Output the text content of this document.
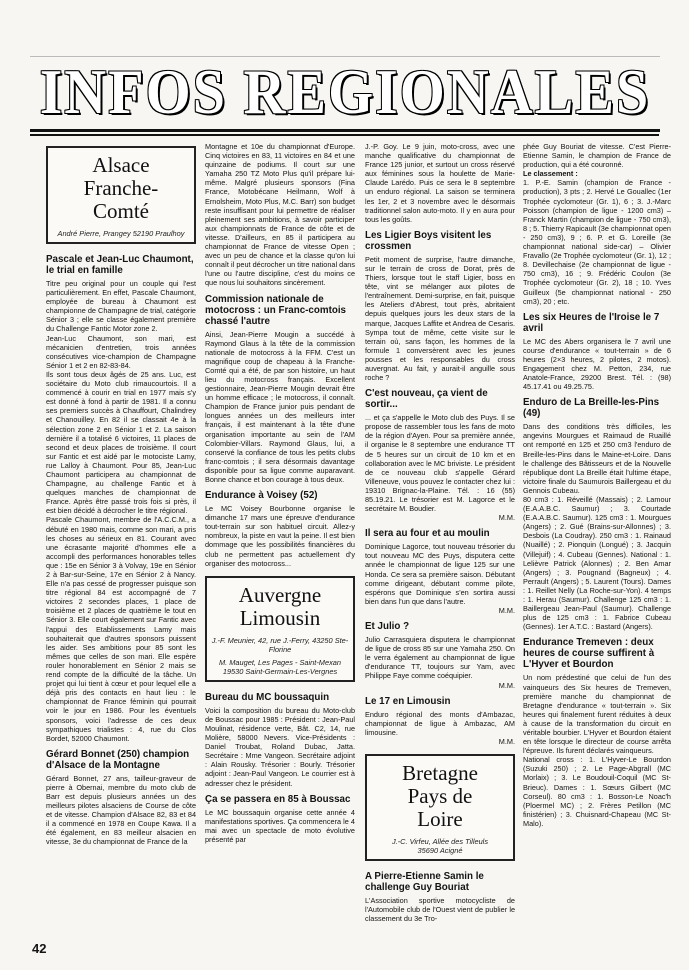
INFOS REGIONALES
Alsace
Franche-
Comté
André Pierre, Prangey 52190 Praulhoy
Pascale et Jean-Luc Chaumont, le trial en famille

Titre peu original pour un couple qui l'est particulièrement. En effet, Pascale Chaumont, employée de bureau à Chaumont est championne de Champagne de trial, catégorie Sénior 3 ; elle se classe également première du Challenge Fantic Motor zone 2.

Jean-Luc Chaumont, son mari, est mécanicien d'entretien, trois années consécutives vice-champion de Champagne Sénior 1 et 2 en 82-83-84.

Ils sont tous deux âgés de 25 ans. Luc, est sociétaire du Moto club rimaucourtois. Il a commencé à courir en trial en 1977 mais s'y est donné à fond à partir de 1981. Il a connu ses premiers succès à Chauffourt, Chalindrey et Chanouilley. En 82 il se classait 4e à la sélection zone 2 en Sénior 1 et 2. La saison dernière il a totalisé 6 victoires, 11 places de second et deux places de troisième. Il court sur Fantic et est aidé par le motociste Lamy, rue Lalloy à Chaumont. Pour 85, Jean-Luc Chaumont participera au championnat de Champagne, au challenge Fantic et à quelques manches de championnat de France. Après être passé trois fois si près, il est bien décidé à décrocher le titre régional.

Pascale Chaumont, membre de l'A.C.C.M., a débuté en 1980 mais, comme son mari, a pris les choses au sérieux en 81. Courant avec une écrasante majorité d'hommes elle a accompli des performances honorables telles que : 15e en Sénior 3 à Volvay, 19e en Sénior 2 à Bar-sur-Seine, 17e en Sénior 2 à Nancy. Elle n'a pas cessé de progresser puisque son titre régional 84 est accompagné de 7 victoires 2 secondes places, 1 place de troisième et 2 places de quatrième le tout en Sénior 3. Elle court également sur Fantic avec l'appui des Etablissements Lamy mais souhaiterait que d'autres sponsors puissent les aider. Ses ambitions pour 85 sont les mêmes que celles de son mari. Elle espère rouler honorablement en Sénior 2 mais se rend compte de la difficulté de la tâche. Un projet qui lui tient à cœur et pour lequel elle a déjà pris des contacts en haut lieu : le championnat de France féminin qui pourrait voir le jour en 1986. Pour les éventuels sponsors, voici l'adresse de ces deux sympathiques trialistes : 4, rue du Clos Bordet, 52000 Chaumont.

Gérard Bonnet (250) champion d'Alsace de la Montagne

Gérard Bonnet, 27 ans, tailleur-graveur de pierre à Obernai, membre du moto club de Barr est depuis plusieurs années un des meilleurs pilotes alsaciens de Course de côte et de vitesse. Champion d'Alsace 82, 83 et 84 il a commencé en 1978 en Coupe Kawa. Il a été également, en 83 meilleur alsacien en vitesse, 3e du championnat de France de la

Montagne et 10e du championnat d'Europe. Cinq victoires en 83, 11 victoires en 84 et une quinzaine de podiums. Il court sur une Yamaha 250 TZ Moto Plus qu'il prépare lui-même. Malgré plusieurs sponsors (Fina France, Motobécane Heilmann, Wolf à Ernolsheim, Moto Plus, M.C. Barr) son budget reste insuffisant pour lui permettre de réaliser pleinement ses ambitions, à savoir participer aux championnats de France de côte et de vitesse. D'ailleurs, en 85 il participera au championnat de France de vitesse Open ; avec un peu de chance et la classe qu'on lui connaît il peut décrocher un titre national dans l'une ou l'autre discipline, c'est du moins ce que nous lui souhaitons sincèrement.

Commission nationale de motocross : un Franc-comtois chassé l'autre

Ainsi, Jean-Pierre Mougin a succédé à Raymond Glaus à la tête de la commission nationale de motocross à la FFM. C'est un magnifique coup de chapeau à la Franche-Comté qui a été, de par son histoire, un haut lieu du motocross français. Excellent gestionnaire, Jean-Pierre Mougin devrait être un homme efficace ; le motocross, il connaît. Champion de France junior puis pendant de longues années un des meilleurs inter français, il est maintenant à la tête d'une organisation importante au sein de l'AM Colombier-Villars. Raymond Glaus, lui, a conservé la confiance de tous les petits clubs franc-comtois ; il sera désormais davantage disponible pour sa ligue comme auparavant. Bonne chance et bon courage à tous deux.

Endurance à Voisey (52)

Le MC Voisey Bourbonne organise le dimanche 17 mars une épreuve d'endurance tout-terrain sur son habituel circuit. Allez-y nombreux, la piste en vaut la peine. Il est bien dommage que les possibilités financières du club ne permettent pas actuellement d'y organiser des motocross...

Auvergne
Limousin
J.-F. Meunier, 42, rue J.-Ferry, 43250 Ste-Florine
M. Mauget, Les Pages - Saint-Mexan 19530 Saint-Germain-Les-Vergnes
Bureau du MC boussaquin

Voici la composition du bureau du Moto-club de Boussac pour 1985 : Président : Jean-Paul Moulinat, résidence verte, Bât. C2, 14, rue Molière, 58000 Nevers. Vice-Présidents : Daniel Troubat, Roland Dubac, Jatta. Secrétaire : Mme Vangeon. Secrétaire adjoint : Alain Rousky. Trésorier : Bourly. Trésorier adjoint : Jean-Paul Vangeon. Le courrier est à adresser chez le président.

Ça se passera en 85 à Boussac

Le MC boussaquin organise cette année 4 manifestations sportives. Ça commencera le 4 mai avec un spectacle de moto évolutive présenté par

J.-P. Goy. Le 9 juin, moto-cross, avec une manche qualificative du championnat de France 125 junior, et surtout un cross réservé aux féminines sous la houlette de Marie-Claude Larédo. Puis ce sera le 8 septembre un enduro régional. La saison se terminera les 1er, 2 et 3 novembre avec le désormais traditionnel salon auto-moto. Il y en aura pour tous les goûts.

Les Ligier Boys visitent les crossmen

Petit moment de surprise, l'autre dimanche, sur le terrain de cross de Dorat, près de Thiers, lorsque tout le staff Ligier, boss en tête, vint se mélanger aux pilotes de l'entraînement. Demi-surprise, en fait, puisque les Ateliers d'Abrest, tout près, abritaient depuis quelques jours les deux stars de la marque, Jacques Laffite et Andrea de Cesaris. Sympa tout de même, cette visite sur le terrain où, sans façon, les hommes de la formule 1 conversèrent avec les jeunes pousses et les responsables du cross auvergnat. Au fait, y aurait-il anguille sous roche ?

C'est nouveau, ça vient de sortir...

... et ça s'appelle le Moto club des Puys. Il se propose de rassembler tous les fans de moto de la région d'Ayen. Pour sa première année, il organise le 8 septembre une endurance TT de 5 heures sur un circuit de 10 km et en collaboration avec le MC briviste. Le président de ce nouveau club s'appelle Gérard Villeneuve, vous pouvez le contacter chez lui : 19310 Brignac-la-Plaine. Tél. : 16 (55) 85.19.21. Le trésorier est M. Lagorce et le secrétaire M. Boudier.

M.M.

Il sera au four et au moulin

Dominique Lagorce, tout nouveau trésorier du tout nouveau MC des Puys, disputera cette année le championnat de ligue 125 sur une Honda. Ce sera sa première saison. Débutant comme dirigeant, débutant comme pilote, espérons que Dominique s'en sortira aussi bien dans l'un que dans l'autre.

M.M.

Et Julio ?

Julio Carrasquiera disputera le championnat de ligue de cross 85 sur une Yamaha 250. On le verra également au championnat de ligue d'endurance TT, toujours sur Yam, avec Philippe Faye comme coéquipier.

M.M.

Le 17 en Limousin

Enduro régional des monts d'Ambazac, championnat de ligue à Ambazac, AM limousine.

M.M.

Bretagne
Pays de
Loire
J.-C. Virfeu, Allée des Tilleuls
35690 Acigné
A Pierre-Etienne Samin le challenge Guy Bouriat

L'Association sportive motocycliste de l'Automobile club de l'Ouest vient de publier le classement du 3e Tro-

phée Guy Bouriat de vitesse. C'est Pierre-Etienne Samin, le champion de France de production, qui a été couronné.

Le classement :

1. P.-E. Samin (champion de France - production), 3 pts ; 2. Hervé Le Gouallec (1er Trophée cyclomoteur (Gr. 1), 6 ; 3. J.-Marc Poisson (champion de ligue - 1200 cm3) – Franck Martin (champion de ligue - 750 cm3), 8 ; 5. Thierry Rapicault (3e championnat open - 250 cm3), 9 ; 6. P. et G. Loreille (3e championnat national side-car) – Olivier Fravallo (2e Trophée cyclomoteur (Gr. 1), 12 ; 8. Devillechaise (2e championnat de ligue - 750 cm3), 16 ; 9. Frédéric Coulon (3e Trophée cyclomoteur (Gr. 2), 18 ; 10. Yves Guilleux (5e championnat national - 250 cm3), 20 ; etc.

Les six Heures de l'Iroise le 7 avril

Le MC des Abers organisera le 7 avril une course d'endurance « tout-terrain » de 6 heures (2×3 heures, 2 pilotes, 2 motos). Engagement chez M. Petton, 234, rue Anatole-France, 29200 Brest. Tél. : (98) 45.17.41 ou 49.25.75.

Enduro de La Breille-les-Pins (49)

Dans des conditions très difficiles, les angevins Mourgues et Raimaud de Ruaillé ont remporté en 125 et 250 cm3 l'enduro de Breille-les-Pins dans le Maine-et-Loire. Dans le challenge des Bâtisseurs et de la Nouvelle république dont La Breille était l'ultime étape, victoire finale du Saumurois Baillergeau et du Gennois Cubeau.

80 cm3 : 1. Réveillé (Massais) ; 2. Lamour (E.A.A.B.C. Saumur) ; 3. Courtade (E.A.A.B.C. Saumur). 125 cm3 : 1. Mourgues (Angers) ; 2. Gué (Brains-sur-Allonnes) ; 3. Desbois (La Coudray). 250 cm3 : 1. Rainaud (Nuaillé) ; 2. Pionquin (Longué) ; 3. Jacquin (Villejuif) ; 4. Cubeau (Gennes). National : 1. Lelièvre Patrick (Alonnes) ; 2. Ben Amar (Angers) ; 3. Pougnand (Bagneux) ; 4. Perrault (Angers) ; 5. Laurent (Tours). Dames : 1. Reillet Nelly (La Roche-sur-Yon). 4 temps : 1. Herau (Saumur). Challenge 125 cm3 : 1. Baillergeau Jean-Paul (Saumur). Challenge plus de 125 cm3 : 1. Fabrice Cubeau (Gennes). 1er A.T.C. : Bastard (Angers).

Endurance Tremeven : deux heures de course suffirent à L'Hyver et Bourdon

Un nom prédestiné que celui de l'un des vainqueurs des Six heures de Tremeven, première manche du championnat de Bretagne d'endurance « tout-terrain ». Six heures qui finalement furent réduites à deux à cause de la transformation du circuit en véritable bourbier. L'Hyver et Bourdon étaient en tête lorsque le directeur de course arrêta l'épreuve. Ils furent déclarés vainqueurs.

National cross : 1. L'Hyver-Le Bourdon (Suzuki 250) ; 2. Le Page-Abgrall (MC Morlaix) ; 3. Le Boudouil-Coquil (MC St-Brieuc). Dames : 1. Sœurs Gilbert (MC Corseul). 80 cm3 : 1. Bosson-Le Noac'h (Ploermel MC) ; 2. Frères Petillon (MC finistérien) ; 3. Chuisnard-Chapeau (MC St-Malo).

42
